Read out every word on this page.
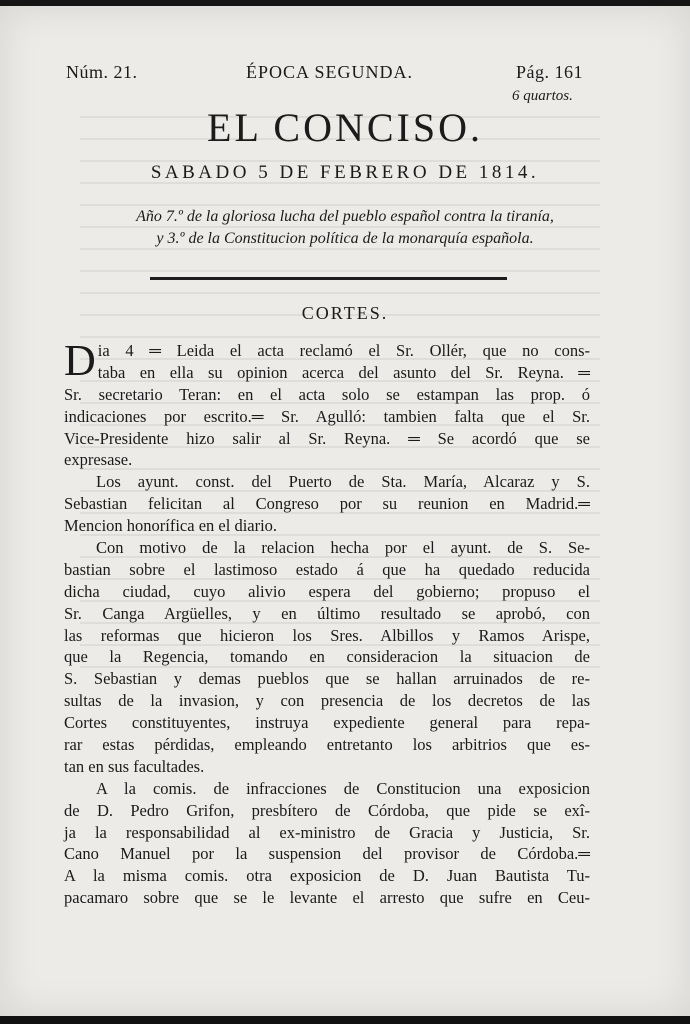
Núm. 21.	ÉPOCA SEGUNDA.	Pág. 161
6 quartos.
EL CONCISO.
SABADO 5 DE FEBRERO DE 1814.
Año 7.º de la gloriosa lucha del pueblo español contra la tiranía,
y 3.º de la Constitucion política de la monarquía española.
CORTES.
D ia 4 ═ Leida el acta reclamó el Sr. Ollér, que no cons-
taba en ella su opinion acerca del asunto del Sr. Reyna. ═
Sr. secretario Teran: en el acta solo se estampan las prop. ó
indicaciones por escrito.═ Sr. Agulló: tambien falta que el Sr.
Vice-Presidente hizo salir al Sr. Reyna. ═ Se acordó que se
expresase.
Los ayunt. const. del Puerto de Sta. María, Alcaraz y S.
Sebastian felicitan al Congreso por su reunion en Madrid.═
Mencion honorífica en el diario.
Con motivo de la relacion hecha por el ayunt. de S. Se-
bastian sobre el lastimoso estado á que ha quedado reducida
dicha ciudad, cuyo alivio espera del gobierno; propuso el
Sr. Canga Argüelles, y en último resultado se aprobó, con
las reformas que hicieron los Sres. Albillos y Ramos Arispe,
que la Regencia, tomando en consideracion la situacion de
S. Sebastian y demas pueblos que se hallan arruinados de re-
sultas de la invasion, y con presencia de los decretos de las
Cortes constituyentes, instruya expediente general para repa-
rar estas pérdidas, empleando entretanto los arbitrios que es-
tan en sus facultades.
A la comis. de infracciones de Constitucion una exposicion
de D. Pedro Grifon, presbítero de Córdoba, que pide se exî-
ja la responsabilidad al ex-ministro de Gracia y Justicia, Sr.
Cano Manuel por la suspension del provisor de Córdoba.═
A la misma comis. otra exposicion de D. Juan Bautista Tu-
pacamaro sobre que se le levante el arresto que sufre en Ceu-
